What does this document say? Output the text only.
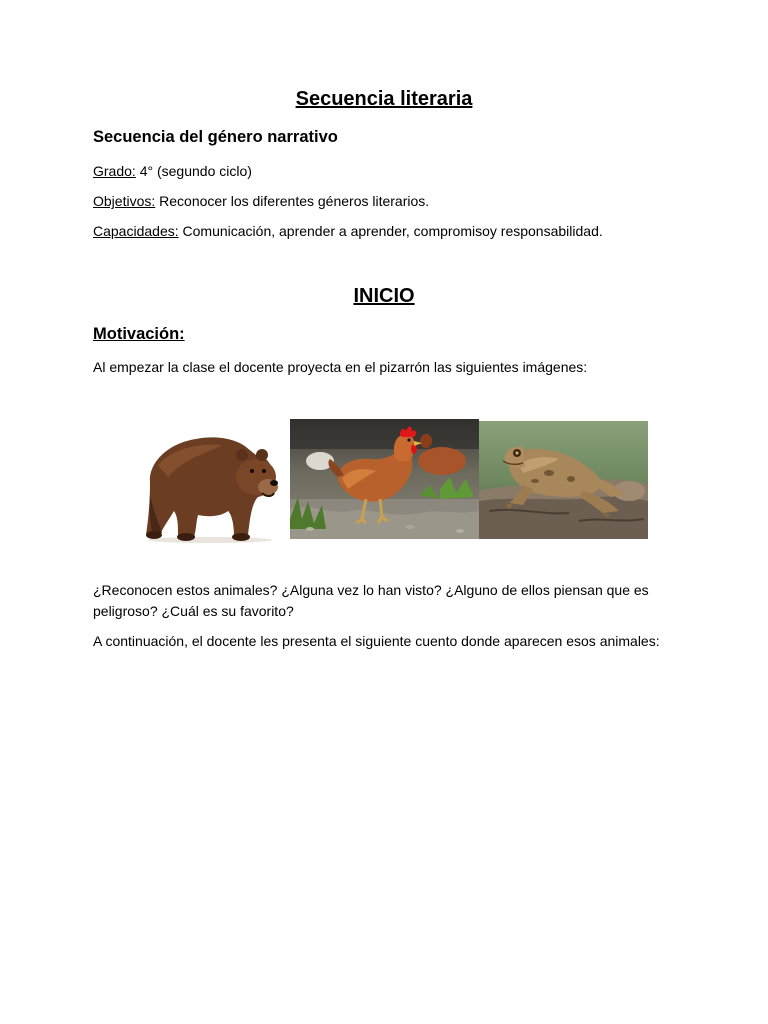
Secuencia literaria
Secuencia del género narrativo

Grado: 4° (segundo ciclo)

Objetivos: Reconocer los diferentes géneros literarios.

Capacidades: Comunicación, aprender a aprender, compromisoy responsabilidad.

INICIO
Motivación:

Al empezar la clase el docente proyecta en el pizarrón las siguientes imágenes:

¿Reconocen estos animales? ¿Alguna vez lo han visto? ¿Alguno de ellos piensan que es peligroso? ¿Cuál es su favorito?

A continuación, el docente les presenta el siguiente cuento donde aparecen esos animales:
